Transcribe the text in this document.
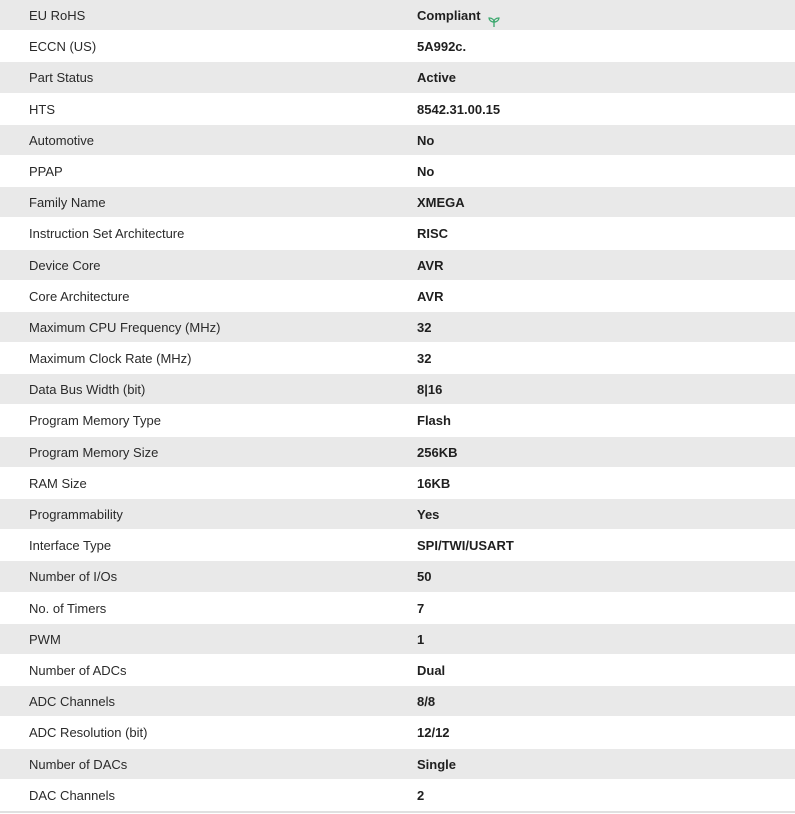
EU RoHS	Compliant
ECCN (US)	5A992c.
Part Status	Active
HTS	8542.31.00.15
Automotive	No
PPAP	No
Family Name	XMEGA
Instruction Set Architecture	RISC
Device Core	AVR
Core Architecture	AVR
Maximum CPU Frequency (MHz)	32
Maximum Clock Rate (MHz)	32
Data Bus Width (bit)	8|16
Program Memory Type	Flash
Program Memory Size	256KB
RAM Size	16KB
Programmability	Yes
Interface Type	SPI/TWI/USART
Number of I/Os	50
No. of Timers	7
PWM	1
Number of ADCs	Dual
ADC Channels	8/8
ADC Resolution (bit)	12/12
Number of DACs	Single
DAC Channels	2
